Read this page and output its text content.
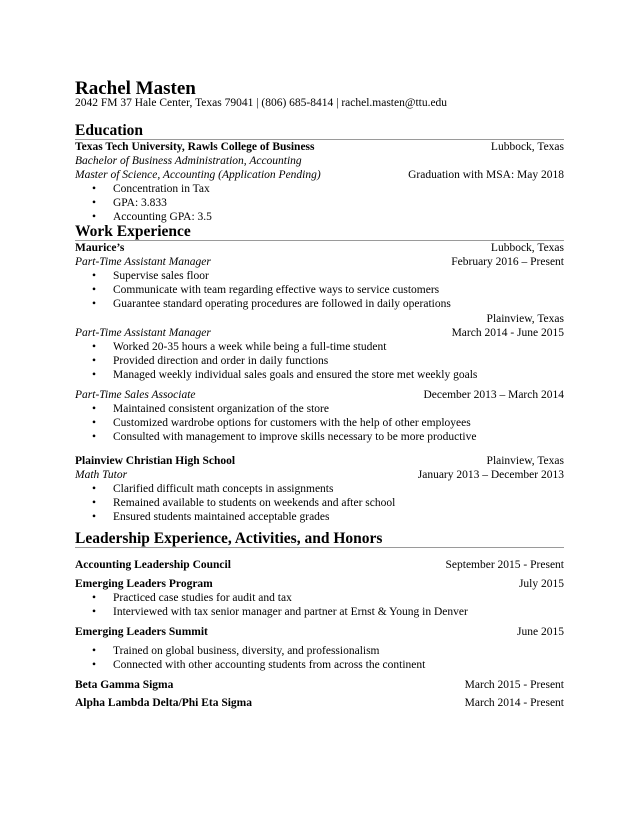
Rachel Masten
2042 FM 37 Hale Center, Texas 79041 | (806) 685-8414 | rachel.masten@ttu.edu
Education
Texas Tech University, Rawls College of Business	Lubbock, Texas
Bachelor of Business Administration, Accounting
Master of Science, Accounting (Application Pending)	Graduation with MSA: May 2018
• Concentration in Tax
• GPA: 3.833
• Accounting GPA: 3.5
Work Experience
Maurice’s	Lubbock, Texas
Part-Time Assistant Manager	February 2016 – Present
• Supervise sales floor
• Communicate with team regarding effective ways to service customers
• Guarantee standard operating procedures are followed in daily operations
Plainview, Texas
Part-Time Assistant Manager	March 2014 - June 2015
• Worked 20-35 hours a week while being a full-time student
• Provided direction and order in daily functions
• Managed weekly individual sales goals and ensured the store met weekly goals
Part-Time Sales Associate	December 2013 – March 2014
• Maintained consistent organization of the store
• Customized wardrobe options for customers with the help of other employees
• Consulted with management to improve skills necessary to be more productive
Plainview Christian High School	Plainview, Texas
Math Tutor	January 2013 – December 2013
• Clarified difficult math concepts in assignments
• Remained available to students on weekends and after school
• Ensured students maintained acceptable grades
Leadership Experience, Activities, and Honors
Accounting Leadership Council	September 2015 - Present
Emerging Leaders Program	July 2015
• Practiced case studies for audit and tax
• Interviewed with tax senior manager and partner at Ernst & Young in Denver
Emerging Leaders Summit	June 2015
• Trained on global business, diversity, and professionalism
• Connected with other accounting students from across the continent
Beta Gamma Sigma	March 2015 - Present
Alpha Lambda Delta/Phi Eta Sigma	March 2014 - Present
